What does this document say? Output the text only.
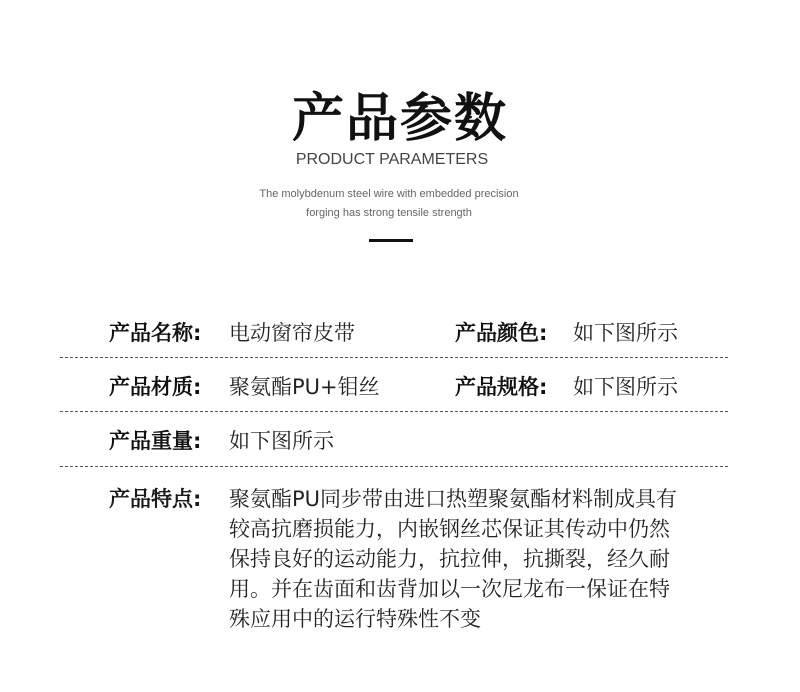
产品参数
PRODUCT PARAMETERS
The molybdenum steel wire with embedded precision
forging has strong tensile strength
产品名称: 电动窗帘皮带	产品颜色: 如下图所示
产品材质: 聚氨酯PU+钼丝	产品规格: 如下图所示
产品重量: 如下图所示
产品特点: 聚氨酯PU同步带由进口热塑聚氨酯材料制成具有较高抗磨损能力，内嵌钢丝芯保证其传动中仍然保持良好的运动能力，抗拉伸，抗撕裂，经久耐用。并在齿面和齿背加以一次尼龙布一保证在特殊应用中的运行特殊性不变
